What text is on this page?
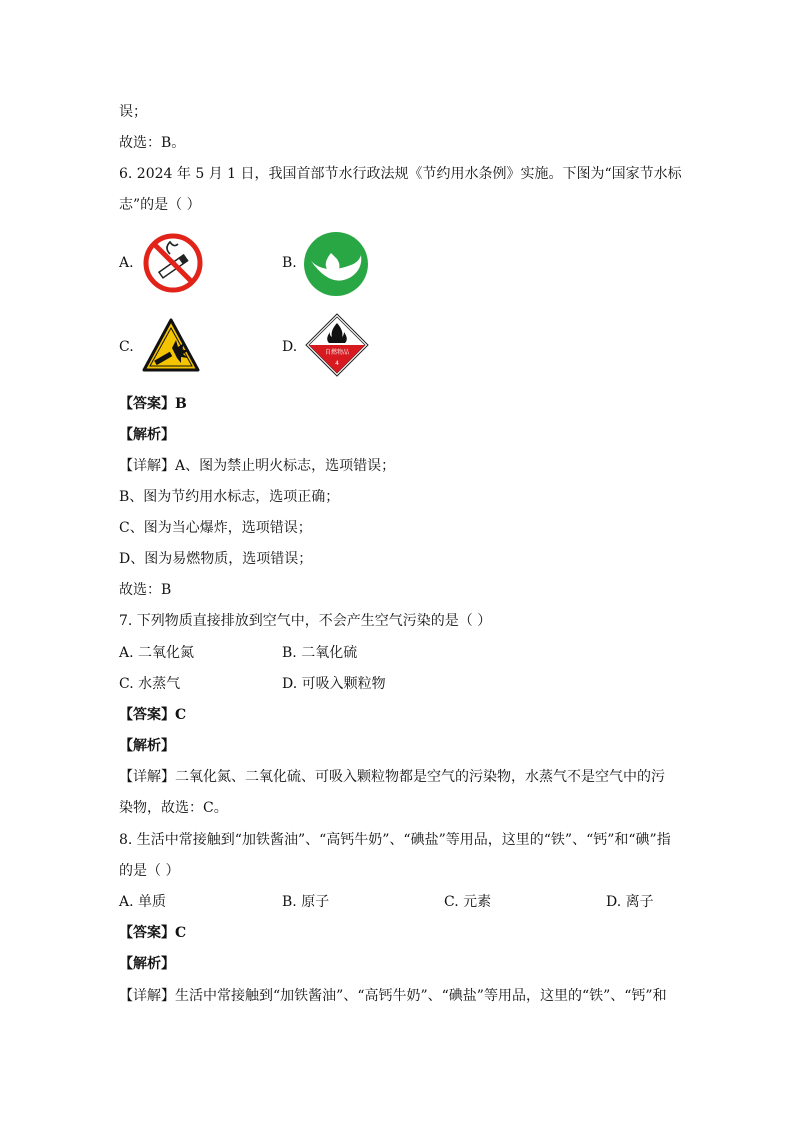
误；
故选：B。
6. 2024 年 5 月 1 日，我国首部节水行政法规《节约用水条例》实施。下图为“国家节水标
志”的是（ ）
A.	B.
C.	D.	自燃物品
4
【答案】B
【解析】
【详解】A、图为禁止明火标志，选项错误；
B、图为节约用水标志，选项正确；
C、图为当心爆炸，选项错误；
D、图为易燃物质，选项错误；
故选：B
7. 下列物质直接排放到空气中，不会产生空气污染的是（ ）
A. 二氧化氮	B. 二氧化硫
C. 水蒸气	D. 可吸入颗粒物
【答案】C
【解析】
【详解】二氧化氮、二氧化硫、可吸入颗粒物都是空气的污染物，水蒸气不是空气中的污
染物，故选：C。
8. 生活中常接触到“加铁酱油”、“高钙牛奶”、“碘盐”等用品，这里的“铁”、“钙”和“碘”指
的是（ ）
A. 单质	B. 原子	C. 元素	D. 离子
【答案】C
【解析】
【详解】生活中常接触到“加铁酱油”、“高钙牛奶”、“碘盐”等用品，这里的“铁”、“钙”和
